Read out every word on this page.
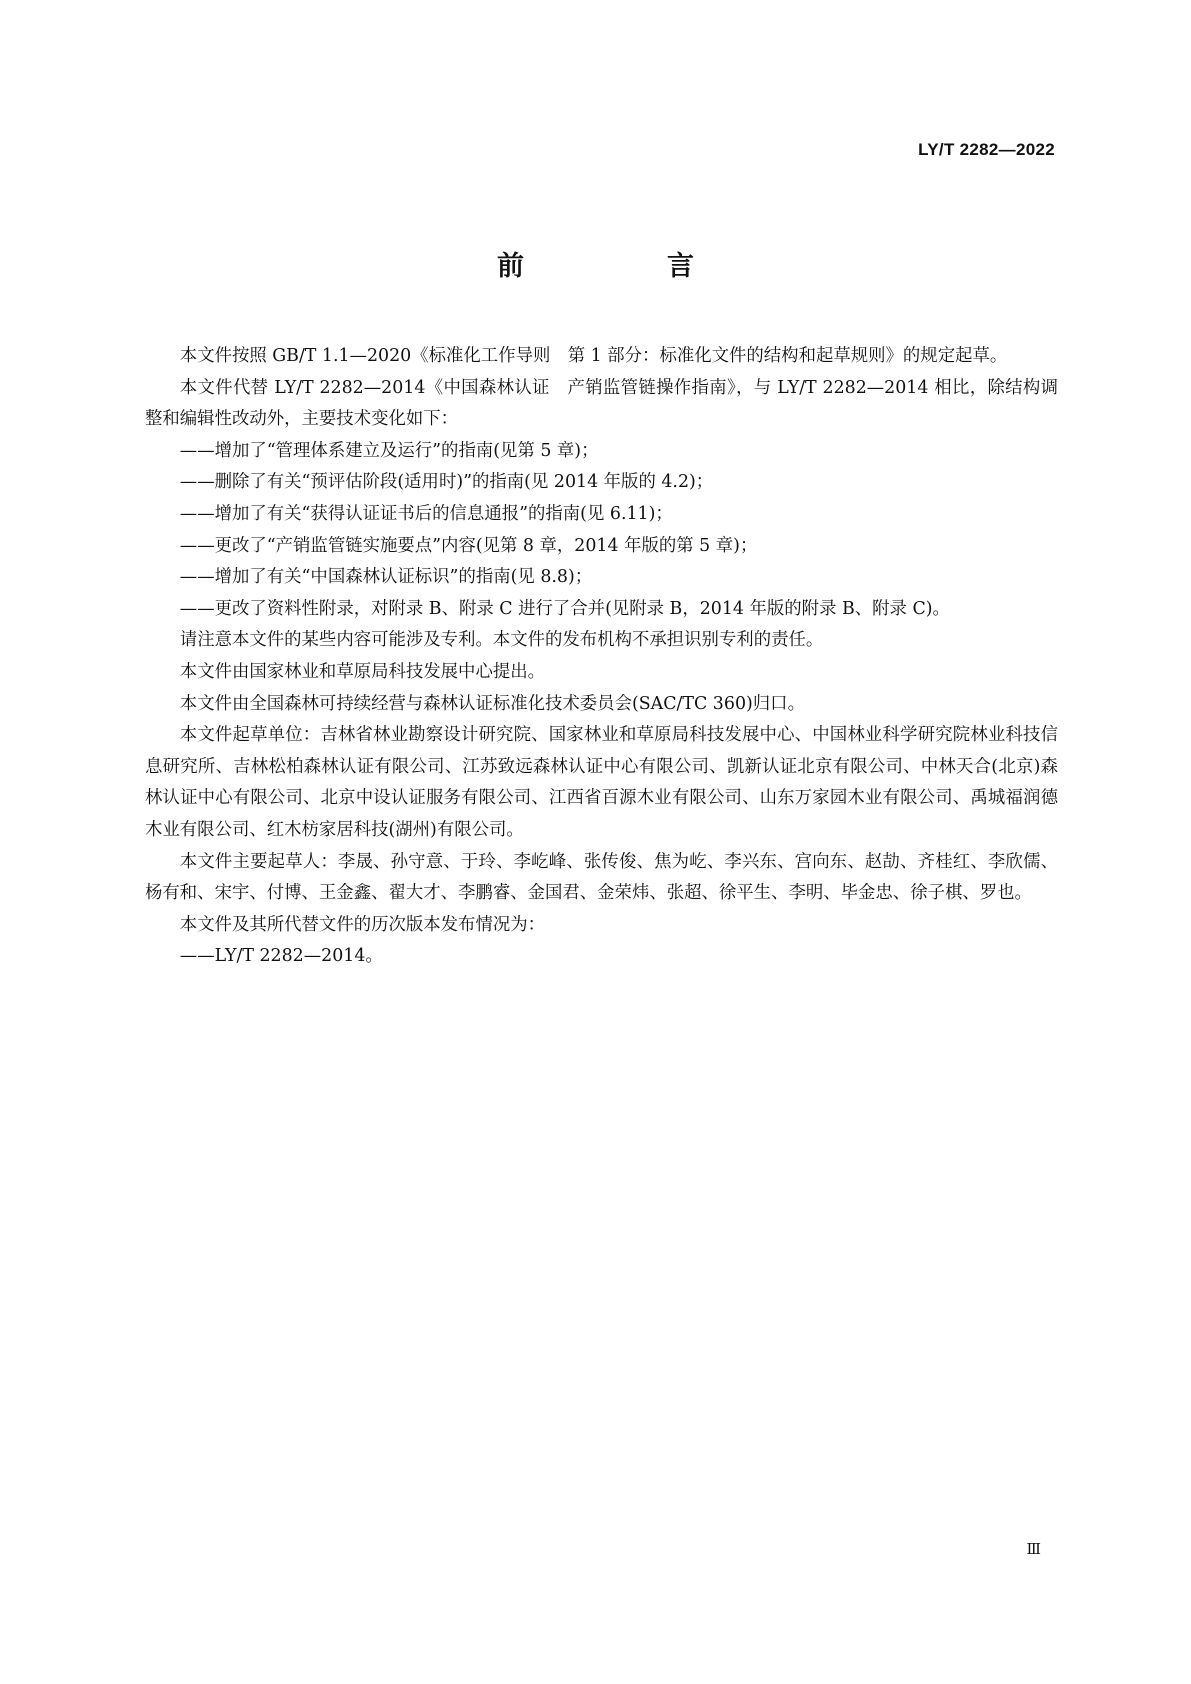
LY/T 2282—2022
前　言

本文件按照 GB/T 1.1—2020《标准化工作导则　第 1 部分：标准化文件的结构和起草规则》的规定起草。

本文件代替 LY/T 2282—2014《中国森林认证　产销监管链操作指南》，与 LY/T 2282—2014 相比，除结构调整和编辑性改动外，主要技术变化如下：

——增加了“管理体系建立及运行”的指南(见第 5 章)；

——删除了有关“预评估阶段(适用时)”的指南(见 2014 年版的 4.2)；

——增加了有关“获得认证证书后的信息通报”的指南(见 6.11)；

——更改了“产销监管链实施要点”内容(见第 8 章，2014 年版的第 5 章)；

——增加了有关“中国森林认证标识”的指南(见 8.8)；

——更改了资料性附录，对附录 B、附录 C 进行了合并(见附录 B，2014 年版的附录 B、附录 C)。

请注意本文件的某些内容可能涉及专利。本文件的发布机构不承担识别专利的责任。

本文件由国家林业和草原局科技发展中心提出。

本文件由全国森林可持续经营与森林认证标准化技术委员会(SAC/TC 360)归口。

本文件起草单位：吉林省林业勘察设计研究院、国家林业和草原局科技发展中心、中国林业科学研究院林业科技信息研究所、吉林松柏森林认证有限公司、江苏致远森林认证中心有限公司、凯新认证北京有限公司、中林天合(北京)森林认证中心有限公司、北京中设认证服务有限公司、江西省百源木业有限公司、山东万家园木业有限公司、禹城福润德木业有限公司、红木枋家居科技(湖州)有限公司。

本文件主要起草人：李晟、孙守意、于玲、李屹峰、张传俊、焦为屹、李兴东、宫向东、赵劼、齐桂红、李欣儒、杨有和、宋宇、付博、王金鑫、翟大才、李鹏睿、金国君、金荣炜、张超、徐平生、李明、毕金忠、徐子棋、罗也。

本文件及其所代替文件的历次版本发布情况为：

——LY/T 2282—2014。

Ⅲ
